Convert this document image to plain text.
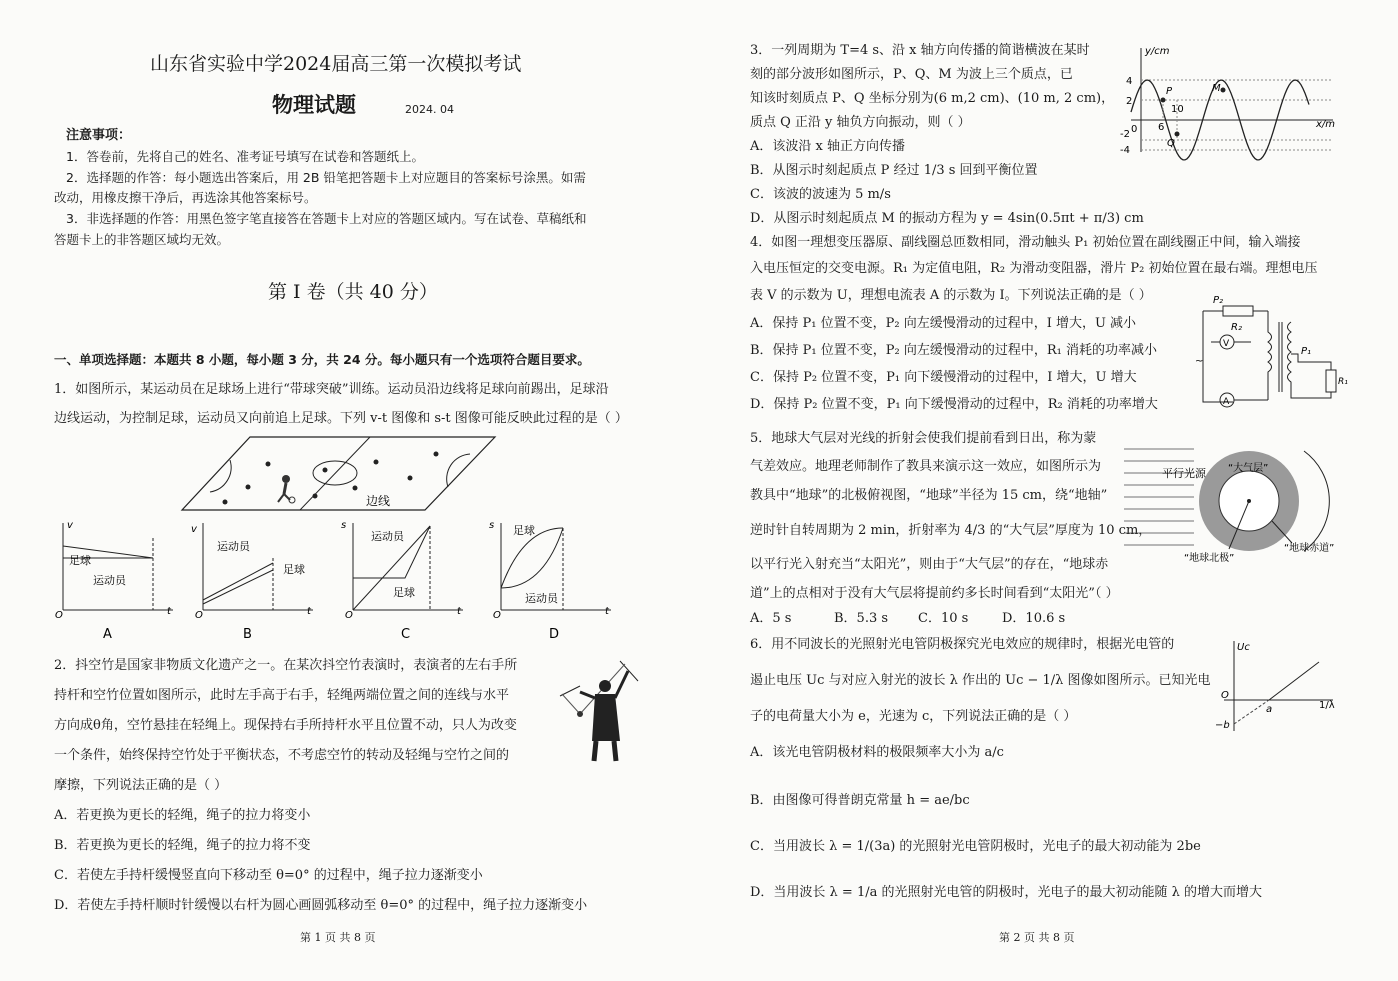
山东省实验中学2024届高三第一次模拟考试
物理试题	2024. 04
注意事项：
1．答卷前，先将自己的姓名、准考证号填写在试卷和答题纸上。
2．选择题的作答：每小题选出答案后，用 2B 铅笔把答题卡上对应题目的答案标号涂黑。如需
改动，用橡皮擦干净后，再选涂其他答案标号。
3．非选择题的作答：用黑色签字笔直接答在答题卡上对应的答题区域内。写在试卷、草稿纸和
答题卡上的非答题区域均无效。
第 I 卷（共 40 分）
一、单项选择题：本题共 8 小题，每小题 3 分，共 24 分。每小题只有一个选项符合题目要求。
1．如图所示，某运动员在足球场上进行“带球突破”训练。运动员沿边线将足球向前踢出，足球沿
边线运动，为控制足球，运动员又向前追上足球。下列 v-t 图像和 s-t 图像可能反映此过程的是（ ）
边线
v
t
O
足球
运动员
A
v
t
O
运动员
足球
B
s
t
O
运动员
足球
C
s
t
O
足球
运动员
D
2．抖空竹是国家非物质文化遗产之一。在某次抖空竹表演时，表演者的左右手所
持杆和空竹位置如图所示，此时左手高于右手，轻绳两端位置之间的连线与水平
方向成θ角，空竹悬挂在轻绳上。现保持右手所持杆水平且位置不动，只人为改变
一个条件，始终保持空竹处于平衡状态，不考虑空竹的转动及轻绳与空竹之间的
摩擦，下列说法正确的是（ ）
A．若更换为更长的轻绳，绳子的拉力将变小
B．若更换为更长的轻绳，绳子的拉力将不变
C．若使左手持杆缓慢竖直向下移动至 θ=0° 的过程中，绳子拉力逐渐变小
D．若使左手持杆顺时针缓慢以右杆为圆心画圆弧移动至 θ=0° 的过程中，绳子拉力逐渐变小
第 1 页 共 8 页
3．一列周期为 T=4 s、沿 x 轴方向传播的简谐横波在某时
刻的部分波形如图所示，P、Q、M 为波上三个质点，已
知该时刻质点 P、Q 坐标分别为(6 m,2 cm)、(10 m, 2 cm)，
质点 Q 正沿 y 轴负方向振动，则（ ）
y/cm
x/m
0
4
2
-2
-4
6
10
P
Q
M
A．该波沿 x 轴正方向传播
B．从图示时刻起质点 P 经过 1/3 s 回到平衡位置
C．该波的波速为 5 m/s
D．从图示时刻起质点 M 的振动方程为 y = 4sin(0.5πt + π/3) cm
4．如图一理想变压器原、副线圈总匝数相同，滑动触头 P₁ 初始位置在副线圈正中间，输入端接
入电压恒定的交变电源。R₁ 为定值电阻，R₂ 为滑动变阻器，滑片 P₂ 初始位置在最右端。理想电压
表 V 的示数为 U，理想电流表 A 的示数为 I。下列说法正确的是（ ）
A．保持 P₁ 位置不变，P₂ 向左缓慢滑动的过程中，I 增大，U 减小
B．保持 P₁ 位置不变，P₂ 向左缓慢滑动的过程中，R₁ 消耗的功率减小
C．保持 P₂ 位置不变，P₁ 向下缓慢滑动的过程中，I 增大，U 增大
D．保持 P₂ 位置不变，P₁ 向下缓慢滑动的过程中，R₂ 消耗的功率增大
P₂
R₂
V
A
P₁
R₁
~
5．地球大气层对光线的折射会使我们提前看到日出，称为蒙
气差效应。地理老师制作了教具来演示这一效应，如图所示为
教具中“地球”的北极俯视图，“地球”半径为 15 cm，绕“地轴”
逆时针自转周期为 2 min，折射率为 4/3 的“大气层”厚度为 10 cm，
以平行光入射充当“太阳光”，则由于“大气层”的存在，“地球赤
道”上的点相对于没有大气层将提前约多长时间看到“太阳光”（ ）
A．5 s	B．5.3 s C．10 s	D．10.6 s
平行光源 “大气层”
“地球北极”
“地球赤道”
6．用不同波长的光照射光电管阴极探究光电效应的规律时，根据光电管的
遏止电压 Uc 与对应入射光的波长 λ 作出的 Uc − 1/λ 图像如图所示。已知光电
子的电荷量大小为 e，光速为 c，下列说法正确的是（ ）
A．该光电管阴极材料的极限频率大小为 a/c
B．由图像可得普朗克常量 h = ae/bc
C．当用波长 λ = 1/(3a) 的光照射光电管阴极时，光电子的最大初动能为 2be
D．当用波长 λ = 1/a 的光照射光电管的阴极时，光电子的最大初动能随 λ 的增大而增大
Uc
1/λ
O
a
−b
第 2 页 共 8 页
